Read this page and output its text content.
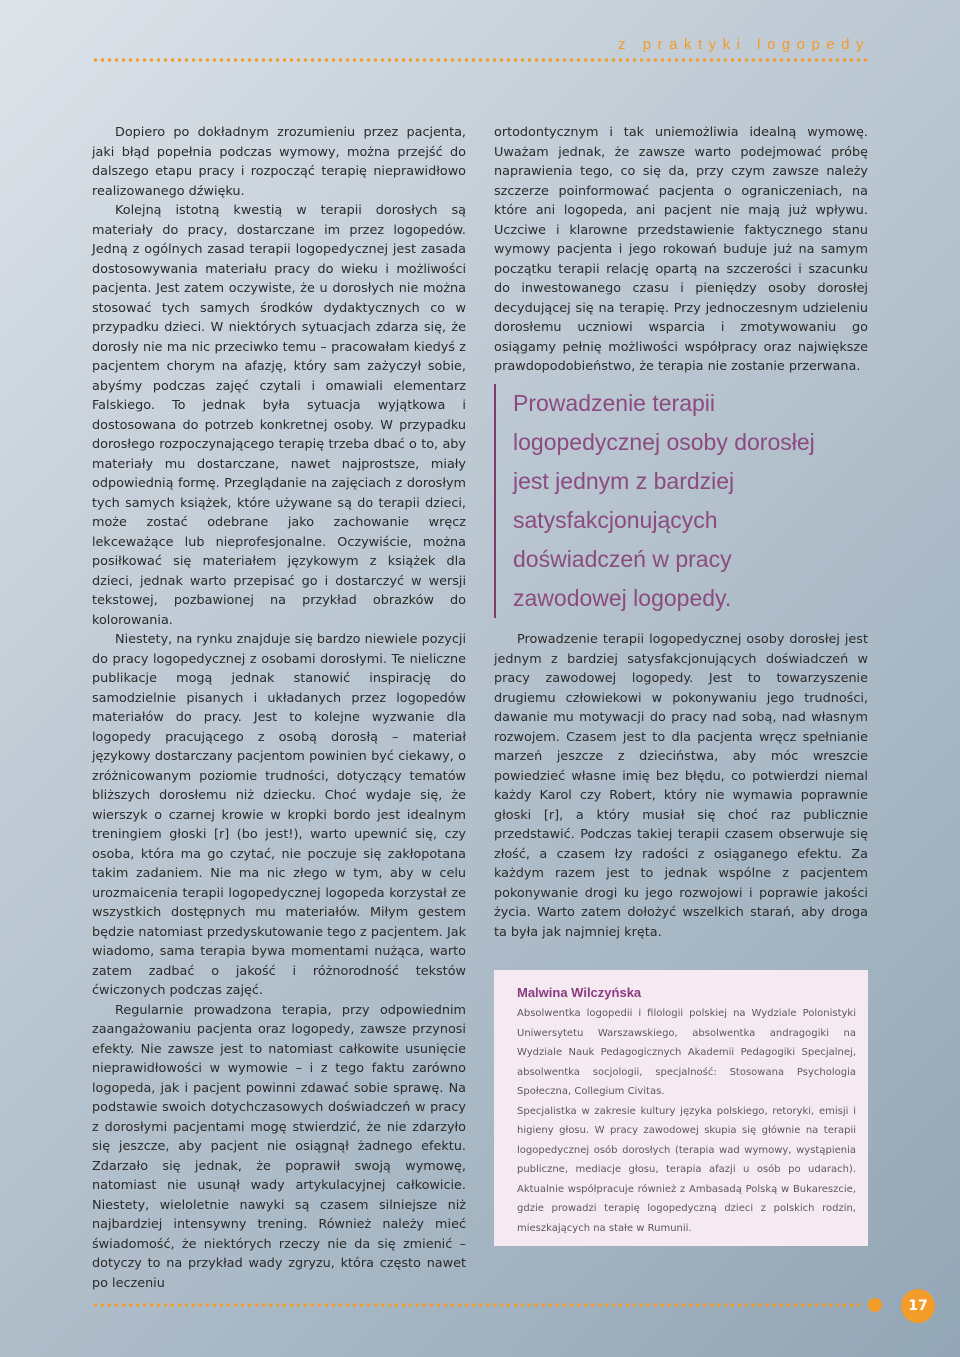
z praktyki logopedy

Dopiero po dokładnym zrozumieniu przez pacjenta, jaki błąd popełnia podczas wymowy, można przejść do dalszego etapu pracy i rozpocząć terapię nieprawidłowo realizowanego dźwięku.

Kolejną istotną kwestią w terapii dorosłych są materiały do pracy, dostarczane im przez logopedów. Jedną z ogólnych zasad terapii logopedycznej jest zasada dostosowywania materiału pracy do wieku i możliwości pacjenta. Jest zatem oczywiste, że u dorosłych nie można stosować tych samych środków dydaktycznych co w przypadku dzieci. W niektórych sytuacjach zdarza się, że dorosły nie ma nic przeciwko temu – pracowałam kiedyś z pacjentem chorym na afazję, który sam zażyczył sobie, abyśmy podczas zajęć czytali i omawiali elementarz Falskiego. To jednak była sytuacja wyjątkowa i dostosowana do potrzeb konkretnej osoby. W przypadku dorosłego rozpoczynającego terapię trzeba dbać o to, aby materiały mu dostarczane, nawet najprostsze, miały odpowiednią formę. Przeglądanie na zajęciach z dorosłym tych samych książek, które używane są do terapii dzieci, może zostać odebrane jako zachowanie wręcz lekceważące lub nieprofesjonalne. Oczywiście, można posiłkować się materiałem językowym z książek dla dzieci, jednak warto przepisać go i dostarczyć w wersji tekstowej, pozbawionej na przykład obrazków do kolorowania.

Niestety, na rynku znajduje się bardzo niewiele pozycji do pracy logopedycznej z osobami dorosłymi. Te nieliczne publikacje mogą jednak stanowić inspirację do samodzielnie pisanych i układanych przez logopedów materiałów do pracy. Jest to kolejne wyzwanie dla logopedy pracującego z osobą dorosłą – materiał językowy dostarczany pacjentom powinien być ciekawy, o zróżnicowanym poziomie trudności, dotyczący tematów bliższych dorosłemu niż dziecku. Choć wydaje się, że wierszyk o czarnej krowie w kropki bordo jest idealnym treningiem głoski [r] (bo jest!), warto upewnić się, czy osoba, która ma go czytać, nie poczuje się zakłopotana takim zadaniem. Nie ma nic złego w tym, aby w celu urozmaicenia terapii logopedycznej logopeda korzystał ze wszystkich dostępnych mu materiałów. Miłym gestem będzie natomiast przedyskutowanie tego z pacjentem. Jak wiadomo, sama terapia bywa momentami nużąca, warto zatem zadbać o jakość i różnorodność tekstów ćwiczonych podczas zajęć.

Regularnie prowadzona terapia, przy odpowiednim zaangażowaniu pacjenta oraz logopedy, zawsze przynosi efekty. Nie zawsze jest to natomiast całkowite usunięcie nieprawidłowości w wymowie – i z tego faktu zarówno logopeda, jak i pacjent powinni zdawać sobie sprawę. Na podstawie swoich dotychczasowych doświadczeń w pracy z dorosłymi pacjentami mogę stwierdzić, że nie zdarzyło się jeszcze, aby pacjent nie osiągnął żadnego efektu. Zdarzało się jednak, że poprawił swoją wymowę, natomiast nie usunął wady artykulacyjnej całkowicie. Niestety, wieloletnie nawyki są czasem silniejsze niż najbardziej intensywny trening. Również należy mieć świadomość, że niektórych rzeczy nie da się zmienić – dotyczy to na przykład wady zgryzu, która często nawet po leczeniu

ortodontycznym i tak uniemożliwia idealną wymowę. Uważam jednak, że zawsze warto podejmować próbę naprawienia tego, co się da, przy czym zawsze należy szczerze poinformować pacjenta o ograniczeniach, na które ani logopeda, ani pacjent nie mają już wpływu. Uczciwe i klarowne przedstawienie faktycznego stanu wymowy pacjenta i jego rokowań buduje już na samym początku terapii relację opartą na szczerości i szacunku do inwestowanego czasu i pieniędzy osoby dorosłej decydującej się na terapię. Przy jednoczesnym udzieleniu dorosłemu uczniowi wsparcia i zmotywowaniu go osiągamy pełnię możliwości współpracy oraz największe prawdopodobieństwo, że terapia nie zostanie przerwana.

Prowadzenie terapii
logopedycznej osoby dorosłej
jest jednym z bardziej
satysfakcjonujących
doświadczeń w pracy
zawodowej logopedy.

Prowadzenie terapii logopedycznej osoby dorosłej jest jednym z bardziej satysfakcjonujących doświadczeń w pracy zawodowej logopedy. Jest to towarzyszenie drugiemu człowiekowi w pokonywaniu jego trudności, dawanie mu motywacji do pracy nad sobą, nad własnym rozwojem. Czasem jest to dla pacjenta wręcz spełnianie marzeń jeszcze z dzieciństwa, aby móc wreszcie powiedzieć własne imię bez błędu, co potwierdzi niemal każdy Karol czy Robert, który nie wymawia poprawnie głoski [r], a który musiał się choć raz publicznie przedstawić. Podczas takiej terapii czasem obserwuje się złość, a czasem łzy radości z osiąganego efektu. Za każdym razem jest to jednak wspólne z pacjentem pokonywanie drogi ku jego rozwojowi i poprawie jakości życia. Warto zatem dołożyć wszelkich starań, aby droga ta była jak najmniej kręta.

Malwina Wilczyńska

Absolwentka logopedii i filologii polskiej na Wydziale Polonistyki Uniwersytetu Warszawskiego, absolwentka andragogiki na Wydziale Nauk Pedagogicznych Akademii Pedagogiki Specjalnej, absolwentka socjologii, specjalność: Stosowana Psychologia Społeczna, Collegium Civitas.

Specjalistka w zakresie kultury języka polskiego, retoryki, emisji i higieny głosu. W pracy zawodowej skupia się głównie na terapii logopedycznej osób dorosłych (terapia wad wymowy, wystąpienia publiczne, mediacje głosu, terapia afazji u osób po udarach). Aktualnie współpracuje również z Ambasadą Polską w Bukareszcie, gdzie prowadzi terapię logopedyczną dzieci z polskich rodzin, mieszkających na stałe w Rumunii.

17
